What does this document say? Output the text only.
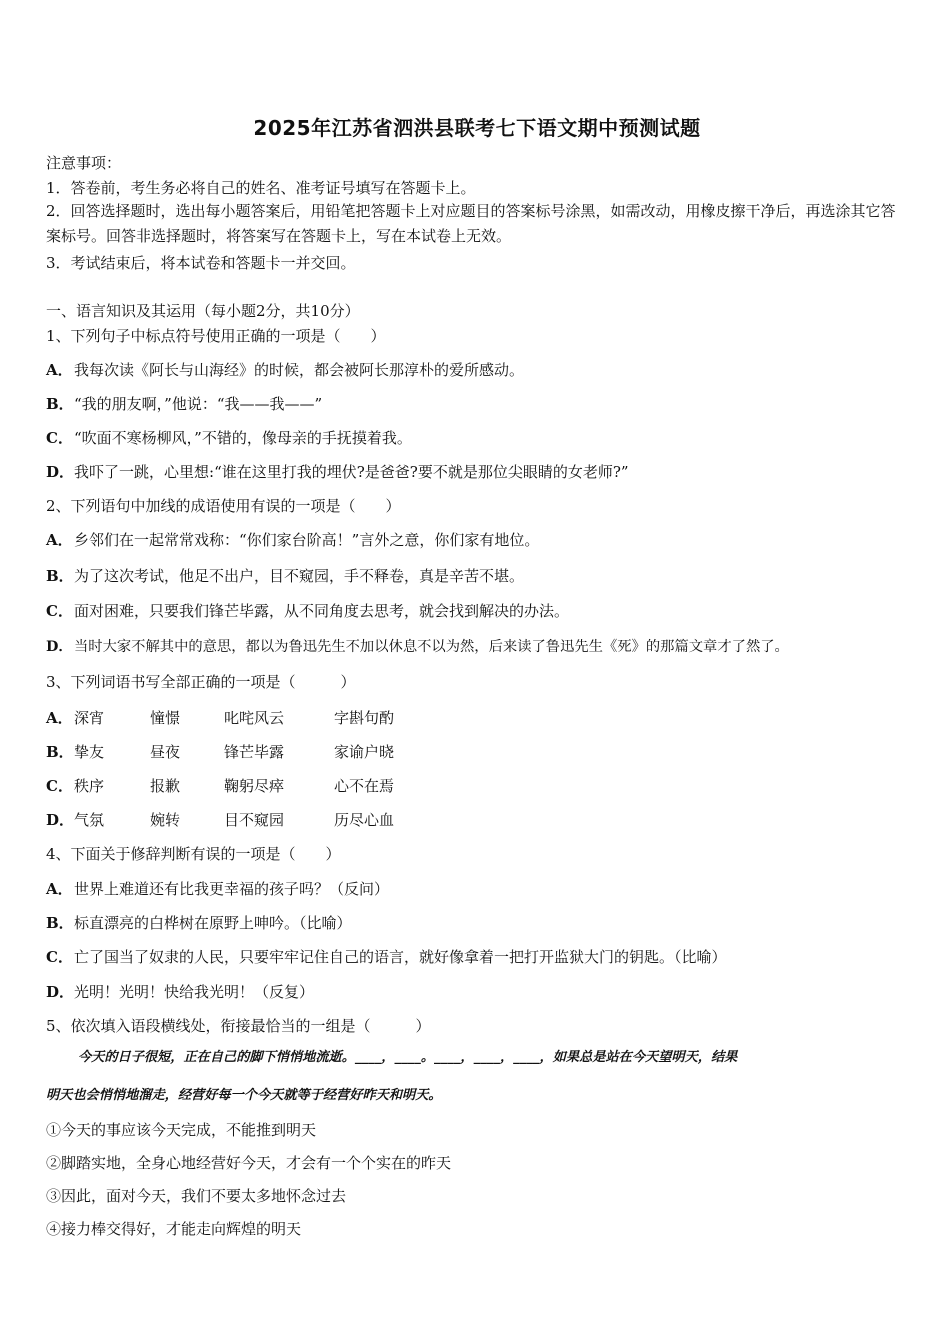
2025年江苏省泗洪县联考七下语文期中预测试题
注意事项：
1．答卷前，考生务必将自己的姓名、准考证号填写在答题卡上。
2．回答选择题时，选出每小题答案后，用铅笔把答题卡上对应题目的答案标号涂黑，如需改动，用橡皮擦干净后，再选涂其它答案标号。回答非选择题时，将答案写在答题卡上，写在本试卷上无效。
3．考试结束后，将本试卷和答题卡一并交回。
一、语言知识及其运用（每小题2分，共10分）
1、下列句子中标点符号使用正确的一项是（　　）
A．我每次读《阿长与山海经》的时候，都会被阿长那淳朴的爱所感动。
B．“我的朋友啊，”他说：“我——我——”
C．“吹面不寒杨柳风，”不错的，像母亲的手抚摸着我。
D．我吓了一跳，心里想:“谁在这里打我的埋伏?是爸爸?要不就是那位尖眼睛的女老师?”
2、下列语句中加线的成语使用有误的一项是（　　）
A．乡邻们在一起常常戏称：“你们家台阶高！”言外之意，你们家有地位。
B．为了这次考试，他足不出户，目不窥园，手不释卷，真是辛苦不堪。
C．面对困难，只要我们锋芒毕露，从不同角度去思考，就会找到解决的办法。
D．当时大家不解其中的意思，都以为鲁迅先生不加以休息不以为然，后来读了鲁迅先生《死》的那篇文章才了然了。
3、下列词语书写全部正确的一项是（　　　）
A． 深宵	憧憬	叱咤风云	字斟句酌
B． 挚友	昼夜	锋芒毕露	家谕户晓
C． 秩序	报歉	鞠躬尽瘁	心不在焉
D． 气氛	婉转	目不窥园	历尽心血
4、下面关于修辞判断有误的一项是（　　）
A．世界上难道还有比我更幸福的孩子吗？（反问）
B．标直漂亮的白桦树在原野上呻吟。（比喻）
C．亡了国当了奴隶的人民，只要牢牢记住自己的语言，就好像拿着一把打开监狱大门的钥匙。（比喻）
D．光明！光明！快给我光明！（反复）
5、依次填入语段横线处，衔接最恰当的一组是（　　　）
今天的日子很短，正在自己的脚下悄悄地流逝。____，____。____，____，____，如果总是站在今天望明天，结果
明天也会悄悄地溜走，经营好每一个今天就等于经营好昨天和明天。
①今天的事应该今天完成，不能推到明天
②脚踏实地，全身心地经营好今天，才会有一个个实在的昨天
③因此，面对今天，我们不要太多地怀念过去
④接力棒交得好，才能走向辉煌的明天
